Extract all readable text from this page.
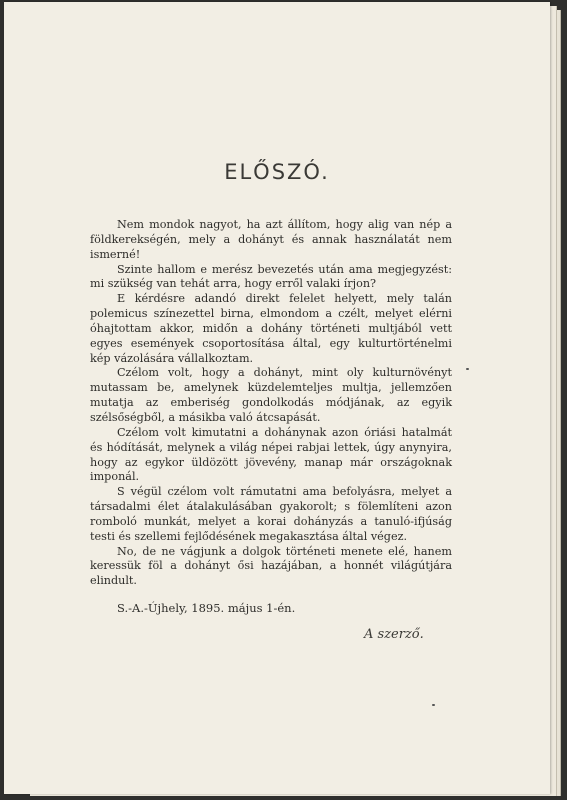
ELŐSZÓ.

Nem mondok nagyot, ha azt állítom, hogy alig van nép a földkerekségén, mely a dohányt és annak használatát nem ismerné!

Szinte hallom e merész bevezetés után ama megjegyzést: mi szükség van tehát arra, hogy erről valaki írjon?

E kérdésre adandó direkt felelet helyett, mely talán polemicus színezettel birna, elmondom a czélt, melyet elérni óhajtottam akkor, midőn a dohány történeti multjából vett egyes események csoportosítása által, egy kulturtörténelmi kép vázolására vállalkoztam.

Czélom volt, hogy a dohányt, mint oly kulturnövényt mutassam be, amelynek küzdelemteljes multja, jellemzően mutatja az emberiség gondolkodás módjának, az egyik szélsőségből, a másikba való átcsapását.

Czélom volt kimutatni a dohánynak azon óriási hatalmát és hódítását, melynek a világ népei rabjai lettek, úgy anynyira, hogy az egykor üldözött jövevény, manap már országoknak imponál.

S végül czélom volt rámutatni ama befolyásra, melyet a társadalmi élet átalakulásában gyakorolt; s fölemlíteni azon romboló munkát, melyet a korai dohányzás a tanuló-ifjúság testi és szellemi fejlődésének megakasztása által végez.

No, de ne vágjunk a dolgok történeti menete elé, hanem keressük föl a dohányt ősi hazájában, a honnét világútjára elindult.

S.-A.-Újhely, 1895. május 1-én.
A szerző.
